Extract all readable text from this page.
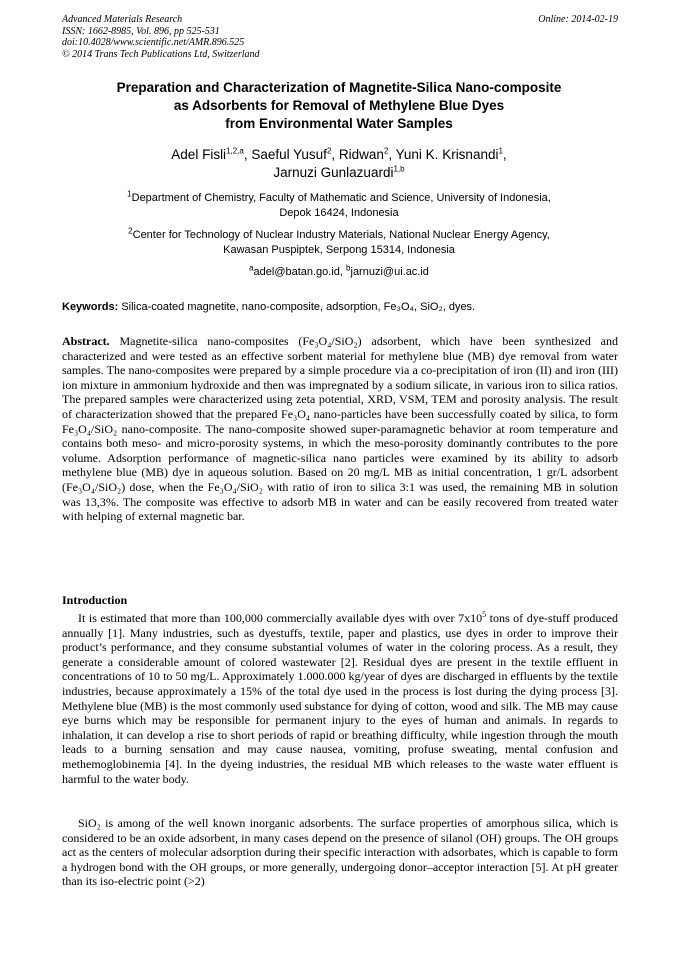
Advanced Materials Research
ISSN: 1662-8985, Vol. 896, pp 525-531
doi:10.4028/www.scientific.net/AMR.896.525
© 2014 Trans Tech Publications Ltd, Switzerland
Online: 2014-02-19
Preparation and Characterization of Magnetite-Silica Nano-composite
as Adsorbents for Removal of Methylene Blue Dyes
from Environmental Water Samples
Adel Fisli$^{1,2,a}$, Saeful Yusuf$^2$, Ridwan$^2$, Yuni K. Krisnandi$^1$,
Jarnuzi Gunlazuardi$^{1,b}$
$^1$Department of Chemistry, Faculty of Mathematic and Science, University of Indonesia,
Depok 16424, Indonesia
$^2$Center for Technology of Nuclear Industry Materials, National Nuclear Energy Agency,
Kawasan Puspiptek, Serpong 15314, Indonesia
$^a$adel@batan.go.id, $^b$jarnuzi@ui.ac.id
Keywords: Silica-coated magnetite, nano-composite, adsorption, Fe₃O₄, SiO₂, dyes.
Abstract. Magnetite-silica nano-composites (Fe₃O₄/SiO₂) adsorbent, which have been synthesized and characterized and were tested as an effective sorbent material for methylene blue (MB) dye removal from water samples. The nano-composites were prepared by a simple procedure via a co-precipitation of iron (II) and iron (III) ion mixture in ammonium hydroxide and then was impregnated by a sodium silicate, in various iron to silica ratios. The prepared samples were characterized using zeta potential, XRD, VSM, TEM and porosity analysis. The result of characterization showed that the prepared Fe₃O₄ nano-particles have been successfully coated by silica, to form Fe₃O₄/SiO₂ nano-composite. The nano-composite showed super-paramagnetic behavior at room temperature and contains both meso- and micro-porosity systems, in which the meso-porosity dominantly contributes to the pore volume. Adsorption performance of magnetic-silica nano particles were examined by its ability to adsorb methylene blue (MB) dye in aqueous solution. Based on 20 mg/L MB as initial concentration, 1 gr/L adsorbent (Fe₃O₄/SiO₂) dose, when the Fe₃O₄/SiO₂ with ratio of iron to silica 3:1 was used, the remaining MB in solution was 13,3%. The composite was effective to adsorb MB in water and can be easily recovered from treated water with helping of external magnetic bar.
Introduction
It is estimated that more than 100,000 commercially available dyes with over $7x10^5$ tons of dye-stuff produced annually [1]. Many industries, such as dyestuffs, textile, paper and plastics, use dyes in order to improve their product’s performance, and they consume substantial volumes of water in the coloring process. As a result, they generate a considerable amount of colored wastewater [2]. Residual dyes are present in the textile effluent in concentrations of 10 to 50 mg/L. Approximately 1.000.000 kg/year of dyes are discharged in effluents by the textile industries, because approximately a 15% of the total dye used in the process is lost during the dying process [3]. Methylene blue (MB) is the most commonly used substance for dying of cotton, wood and silk. The MB may cause eye burns which may be responsible for permanent injury to the eyes of human and animals. In regards to inhalation, it can develop a rise to short periods of rapid or breathing difficulty, while ingestion through the mouth leads to a burning sensation and may cause nausea, vomiting, profuse sweating, mental confusion and methemoglobinemia [4]. In the dyeing industries, the residual MB which releases to the waste water effluent is harmful to the water body.
SiO₂ is among of the well known inorganic adsorbents. The surface properties of amorphous silica, which is considered to be an oxide adsorbent, in many cases depend on the presence of silanol (OH) groups. The OH groups act as the centers of molecular adsorption during their specific interaction with adsorbates, which is capable to form a hydrogen bond with the OH groups, or more generally, undergoing donor–acceptor interaction [5]. At pH greater than its iso-electric point (>2)
